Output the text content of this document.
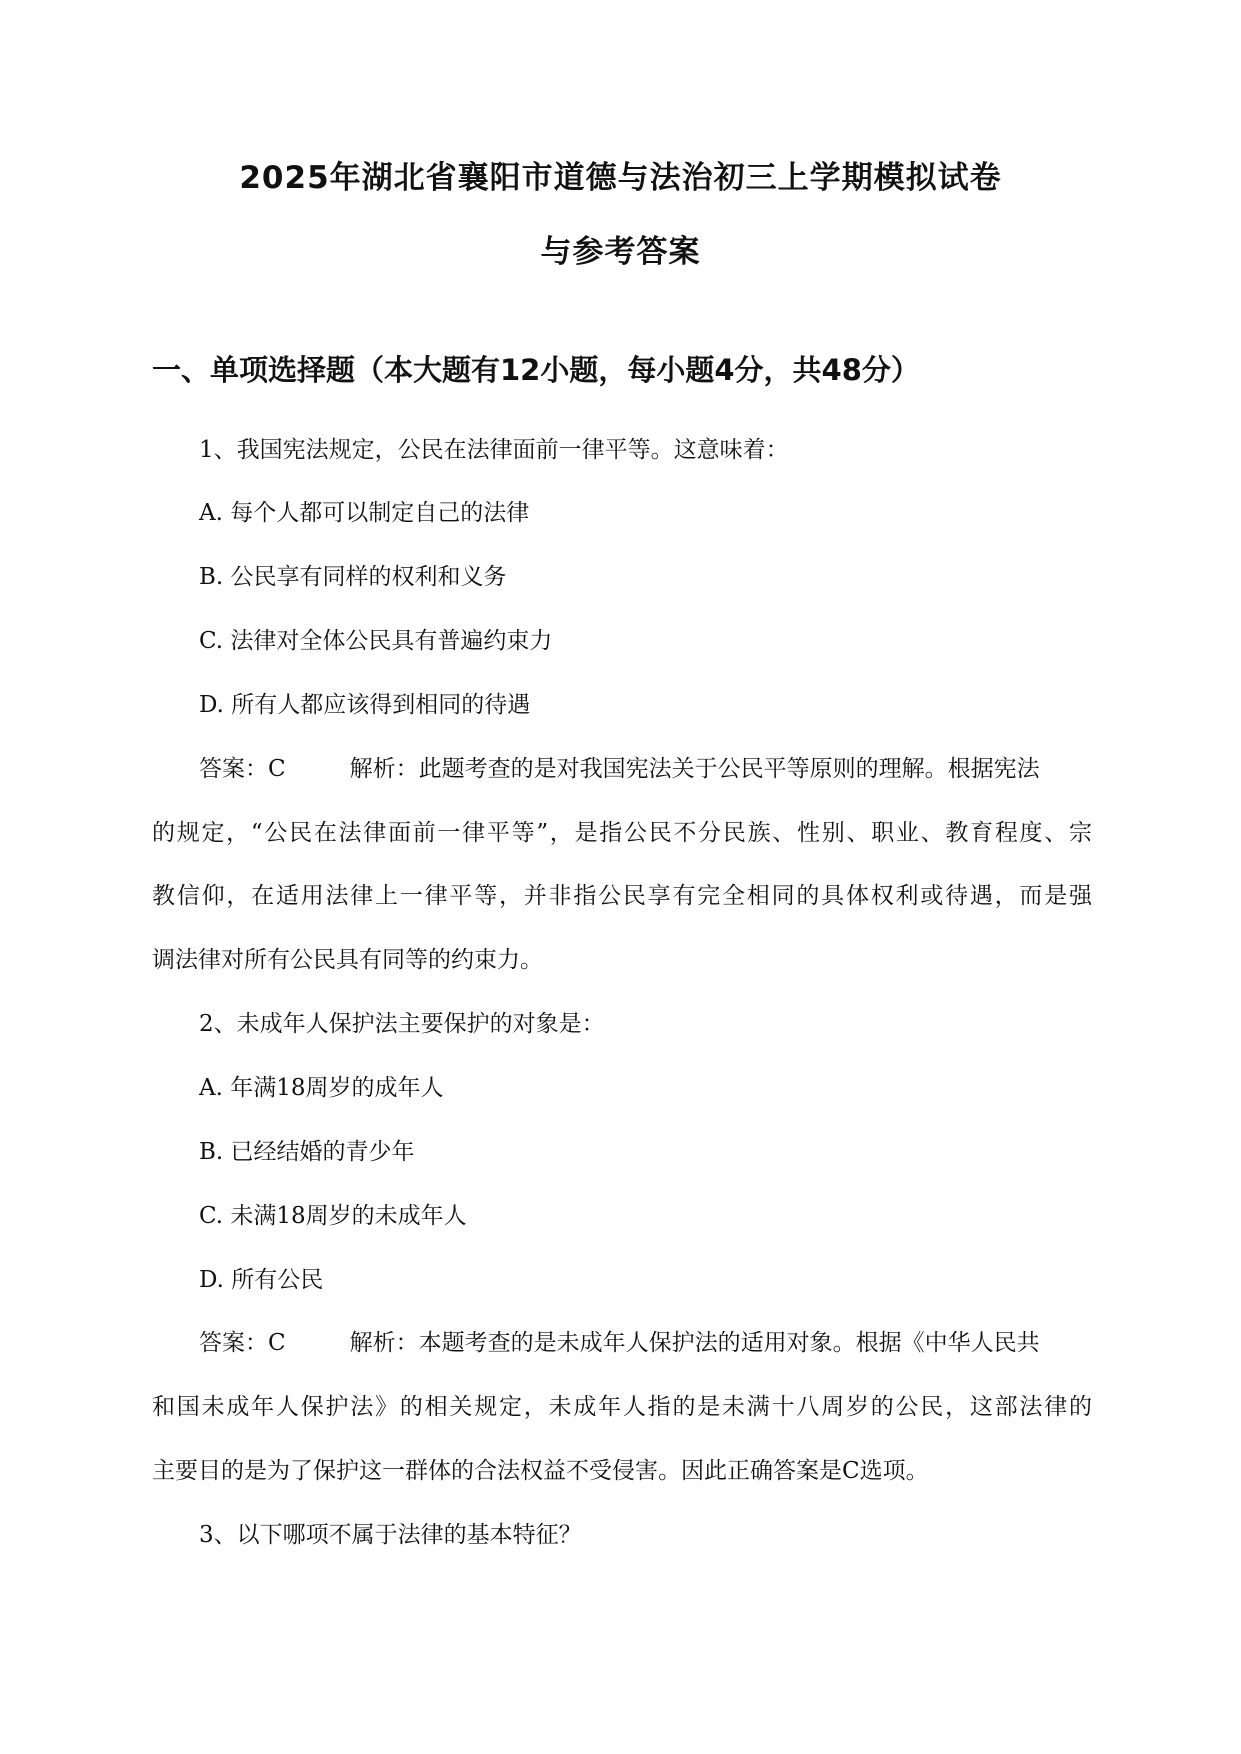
2025年湖北省襄阳市道德与法治初三上学期模拟试卷
与参考答案
一、单项选择题（本大题有12小题，每小题4分，共48分）
1、我国宪法规定，公民在法律面前一律平等。这意味着：
A. 每个人都可以制定自己的法律
B. 公民享有同样的权利和义务
C. 法律对全体公民具有普遍约束力
D. 所有人都应该得到相同的待遇
答案：C	解析：此题考查的是对我国宪法关于公民平等原则的理解。根据宪法
的规定，“公民在法律面前一律平等”，是指公民不分民族、性别、职业、教育程度、宗
教信仰，在适用法律上一律平等，并非指公民享有完全相同的具体权利或待遇，而是强
调法律对所有公民具有同等的约束力。
2、未成年人保护法主要保护的对象是：
A. 年满18周岁的成年人
B. 已经结婚的青少年
C. 未满18周岁的未成年人
D. 所有公民
答案：C	解析：本题考查的是未成年人保护法的适用对象。根据《中华人民共
和国未成年人保护法》的相关规定，未成年人指的是未满十八周岁的公民，这部法律的
主要目的是为了保护这一群体的合法权益不受侵害。因此正确答案是C选项。
3、以下哪项不属于法律的基本特征？
